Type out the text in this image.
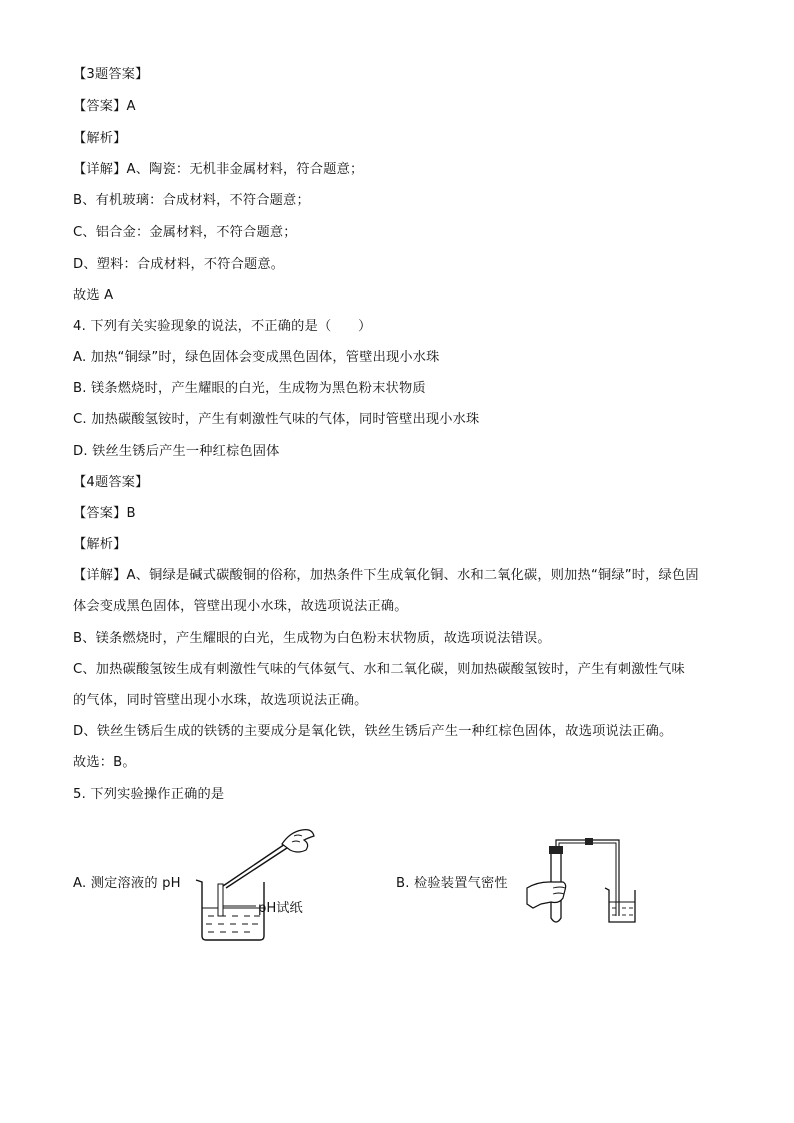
【3题答案】
【答案】A
【解析】
【详解】A、陶瓷：无机非金属材料，符合题意；
B、有机玻璃：合成材料，不符合题意；
C、铝合金：金属材料，不符合题意；
D、塑料：合成材料，不符合题意。
故选 A
4. 下列有关实验现象的说法，不正确的是（　　）
A. 加热“铜绿”时，绿色固体会变成黑色固体，管壁出现小水珠
B. 镁条燃烧时，产生耀眼的白光，生成物为黑色粉末状物质
C. 加热碳酸氢铵时，产生有刺激性气味的气体，同时管壁出现小水珠
D. 铁丝生锈后产生一种红棕色固体
【4题答案】
【答案】B
【解析】
【详解】A、铜绿是碱式碳酸铜的俗称，加热条件下生成氧化铜、水和二氧化碳，则加热“铜绿”时，绿色固
体会变成黑色固体，管壁出现小水珠，故选项说法正确。
B、镁条燃烧时，产生耀眼的白光，生成物为白色粉末状物质，故选项说法错误。
C、加热碳酸氢铵生成有刺激性气味的气体氨气、水和二氧化碳，则加热碳酸氢铵时，产生有刺激性气味
的气体，同时管壁出现小水珠，故选项说法正确。
D、铁丝生锈后生成的铁锈的主要成分是氧化铁，铁丝生锈后产生一种红棕色固体，故选项说法正确。
故选：B。
5. 下列实验操作正确的是
A. 测定溶液的 pH
pH试纸
B. 检验装置气密性
